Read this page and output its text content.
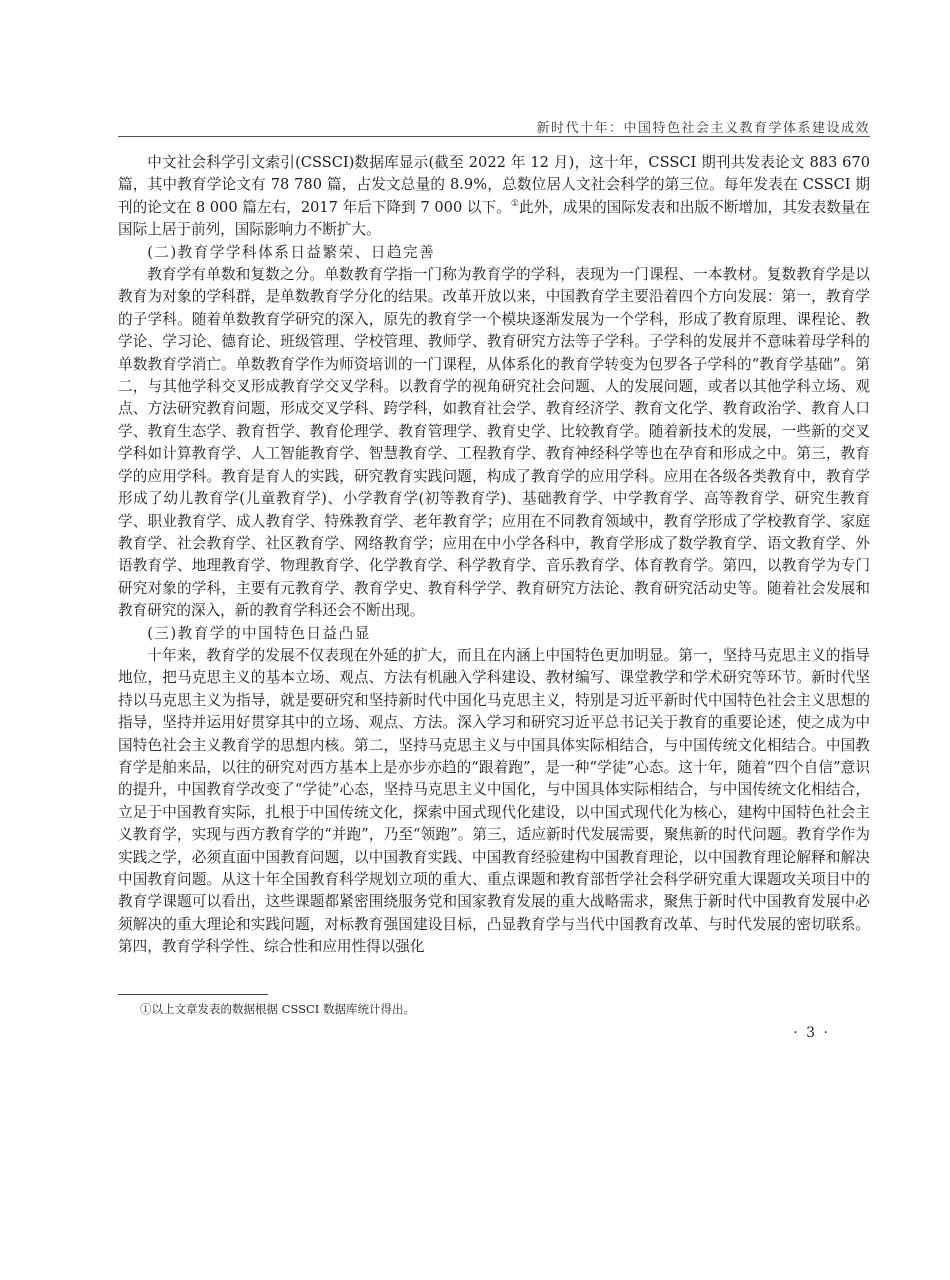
新时代十年：中国特色社会主义教育学体系建设成效

中文社会科学引文索引(CSSCI)数据库显示(截至 2022 年 12 月)，这十年，CSSCI 期刊共发表论文 883 670 篇，其中教育学论文有 78 780 篇，占发文总量的 8.9%，总数位居人文社会科学的第三位。每年发表在 CSSCI 期刊的论文在 8 000 篇左右，2017 年后下降到 7 000 以下。①此外，成果的国际发表和出版不断增加，其发表数量在国际上居于前列，国际影响力不断扩大。

(二)教育学学科体系日益繁荣、日趋完善

教育学有单数和复数之分。单数教育学指一门称为教育学的学科，表现为一门课程、一本教材。复数教育学是以教育为对象的学科群，是单数教育学分化的结果。改革开放以来，中国教育学主要沿着四个方向发展：第一，教育学的子学科。随着单数教育学研究的深入，原先的教育学一个模块逐渐发展为一个学科，形成了教育原理、课程论、教学论、学习论、德育论、班级管理、学校管理、教师学、教育研究方法等子学科。子学科的发展并不意味着母学科的单数教育学消亡。单数教育学作为师资培训的一门课程，从体系化的教育学转变为包罗各子学科的“教育学基础”。第二，与其他学科交叉形成教育学交叉学科。以教育学的视角研究社会问题、人的发展问题，或者以其他学科立场、观点、方法研究教育问题，形成交叉学科、跨学科，如教育社会学、教育经济学、教育文化学、教育政治学、教育人口学、教育生态学、教育哲学、教育伦理学、教育管理学、教育史学、比较教育学。随着新技术的发展，一些新的交叉学科如计算教育学、人工智能教育学、智慧教育学、工程教育学、教育神经科学等也在孕育和形成之中。第三，教育学的应用学科。教育是育人的实践，研究教育实践问题，构成了教育学的应用学科。应用在各级各类教育中，教育学形成了幼儿教育学(儿童教育学)、小学教育学(初等教育学)、基础教育学、中学教育学、高等教育学、研究生教育学、职业教育学、成人教育学、特殊教育学、老年教育学；应用在不同教育领域中，教育学形成了学校教育学、家庭教育学、社会教育学、社区教育学、网络教育学；应用在中小学各科中，教育学形成了数学教育学、语文教育学、外语教育学、地理教育学、物理教育学、化学教育学、科学教育学、音乐教育学、体育教育学。第四，以教育学为专门研究对象的学科，主要有元教育学、教育学史、教育科学学、教育研究方法论、教育研究活动史等。随着社会发展和教育研究的深入，新的教育学科还会不断出现。

(三)教育学的中国特色日益凸显

十年来，教育学的发展不仅表现在外延的扩大，而且在内涵上中国特色更加明显。第一，坚持马克思主义的指导地位，把马克思主义的基本立场、观点、方法有机融入学科建设、教材编写、课堂教学和学术研究等环节。新时代坚持以马克思主义为指导，就是要研究和坚持新时代中国化马克思主义，特别是习近平新时代中国特色社会主义思想的指导，坚持并运用好贯穿其中的立场、观点、方法。深入学习和研究习近平总书记关于教育的重要论述，使之成为中国特色社会主义教育学的思想内核。第二，坚持马克思主义与中国具体实际相结合，与中国传统文化相结合。中国教育学是舶来品，以往的研究对西方基本上是亦步亦趋的“跟着跑”，是一种“学徒”心态。这十年，随着“四个自信”意识的提升，中国教育学改变了“学徒”心态，坚持马克思主义中国化，与中国具体实际相结合，与中国传统文化相结合，立足于中国教育实际，扎根于中国传统文化，探索中国式现代化建设，以中国式现代化为核心，建构中国特色社会主义教育学，实现与西方教育学的“并跑”，乃至“领跑”。第三，适应新时代发展需要，聚焦新的时代问题。教育学作为实践之学，必须直面中国教育问题，以中国教育实践、中国教育经验建构中国教育理论，以中国教育理论解释和解决中国教育问题。从这十年全国教育科学规划立项的重大、重点课题和教育部哲学社会科学研究重大课题攻关项目中的教育学课题可以看出，这些课题都紧密围绕服务党和国家教育发展的重大战略需求，聚焦于新时代中国教育发展中必须解决的重大理论和实践问题，对标教育强国建设目标，凸显教育学与当代中国教育改革、与时代发展的密切联系。第四，教育学科学性、综合性和应用性得以强化

①以上文章发表的数据根据 CSSCI 数据库统计得出。
· 3 ·
